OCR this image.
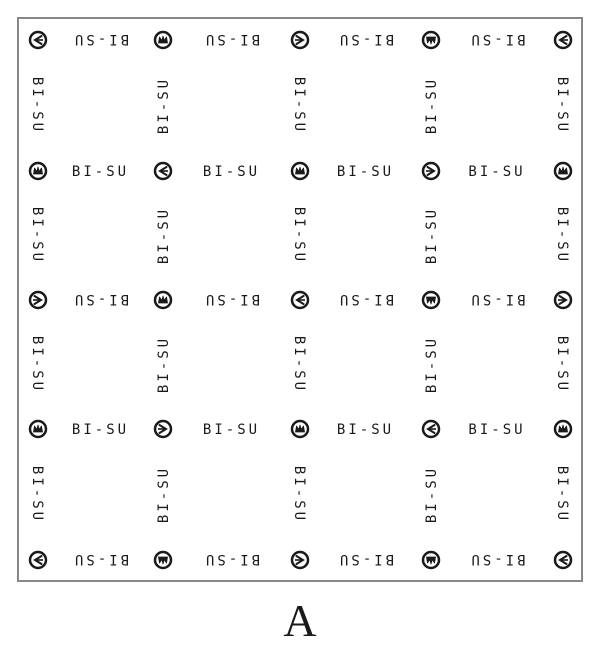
BI-SU	BI-SU	BI-SU	BI-SU
BI-SU	BI-SU	BI-SU	BI-SU
BI-SU	BI-SU	BI-SU	BI-SU
BI-SU	BI-SU	BI-SU	BI-SU
BI-SU	BI-SU	BI-SU	BI-SU
BI-SU
BI-SU
BI-SU
BI-SU
BI-SU
BI-SU
BI-SU
BI-SU
BI-SU
BI-SU
BI-SU
BI-SU
BI-SU
BI-SU
BI-SU
BI-SU
BI-SU
BI-SU
BI-SU
BI-SU
A
